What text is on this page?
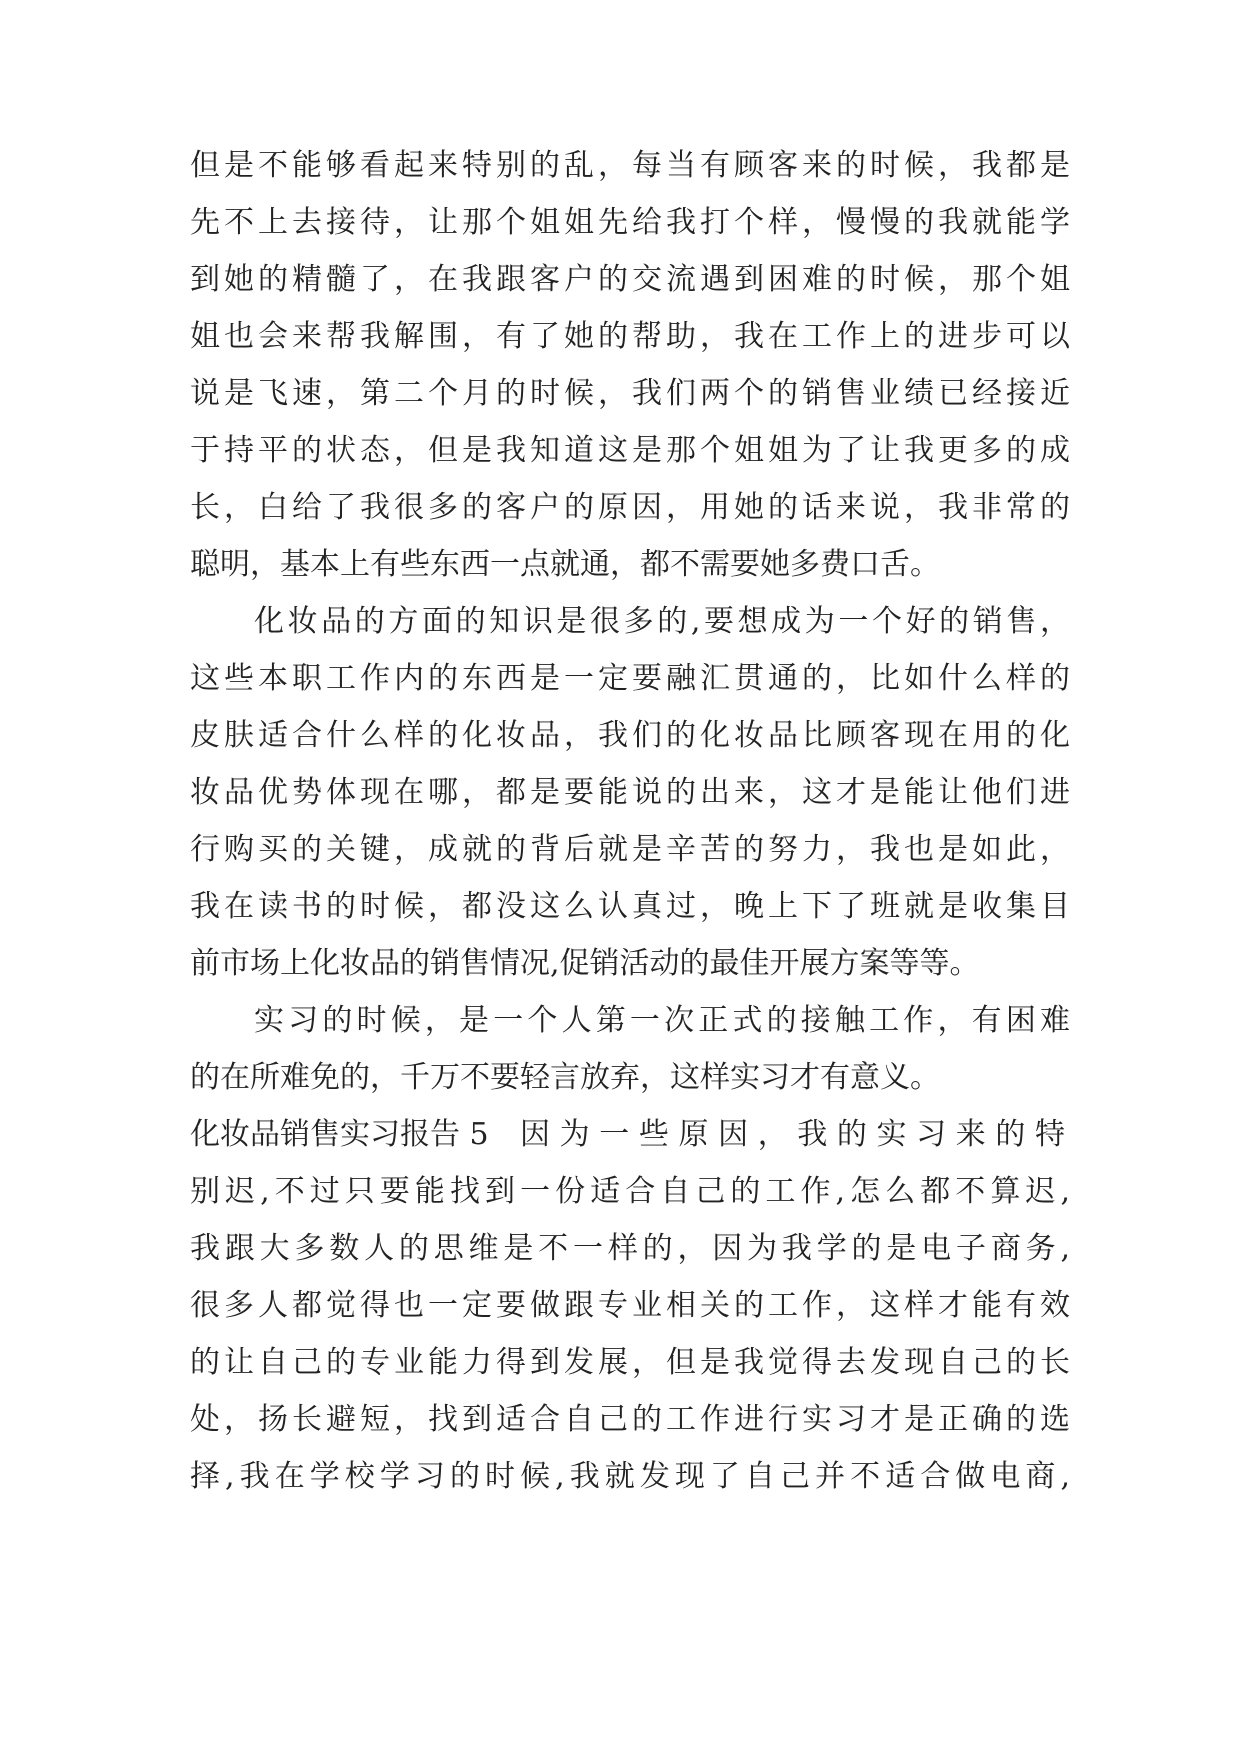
但是不能够看起来特别的乱，每当有顾客来的时候，我都是
先不上去接待，让那个姐姐先给我打个样，慢慢的我就能学
到她的精髓了，在我跟客户的交流遇到困难的时候，那个姐
姐也会来帮我解围，有了她的帮助，我在工作上的进步可以
说是飞速，第二个月的时候，我们两个的销售业绩已经接近
于持平的状态，但是我知道这是那个姐姐为了让我更多的成
长，白给了我很多的客户的原因，用她的话来说，我非常的
聪明，基本上有些东西一点就通，都不需要她多费口舌。
化妆品的方面的知识是很多的,要想成为一个好的销售，
这些本职工作内的东西是一定要融汇贯通的，比如什么样的
皮肤适合什么样的化妆品，我们的化妆品比顾客现在用的化
妆品优势体现在哪，都是要能说的出来，这才是能让他们进
行购买的关键，成就的背后就是辛苦的努力，我也是如此，
我在读书的时候，都没这么认真过，晚上下了班就是收集目
前市场上化妆品的销售情况,促销活动的最佳开展方案等等。
实习的时候，是一个人第一次正式的接触工作，有困难
的在所难免的，千万不要轻言放弃，这样实习才有意义。
化妆品销售实习报告 5 因为一些原因，我的实习来的特
别迟,不过只要能找到一份适合自己的工作,怎么都不算迟,
我跟大多数人的思维是不一样的，因为我学的是电子商务,
很多人都觉得也一定要做跟专业相关的工作，这样才能有效
的让自己的专业能力得到发展，但是我觉得去发现自己的长
处，扬长避短，找到适合自己的工作进行实习才是正确的选
择,我在学校学习的时候,我就发现了自己并不适合做电商,
